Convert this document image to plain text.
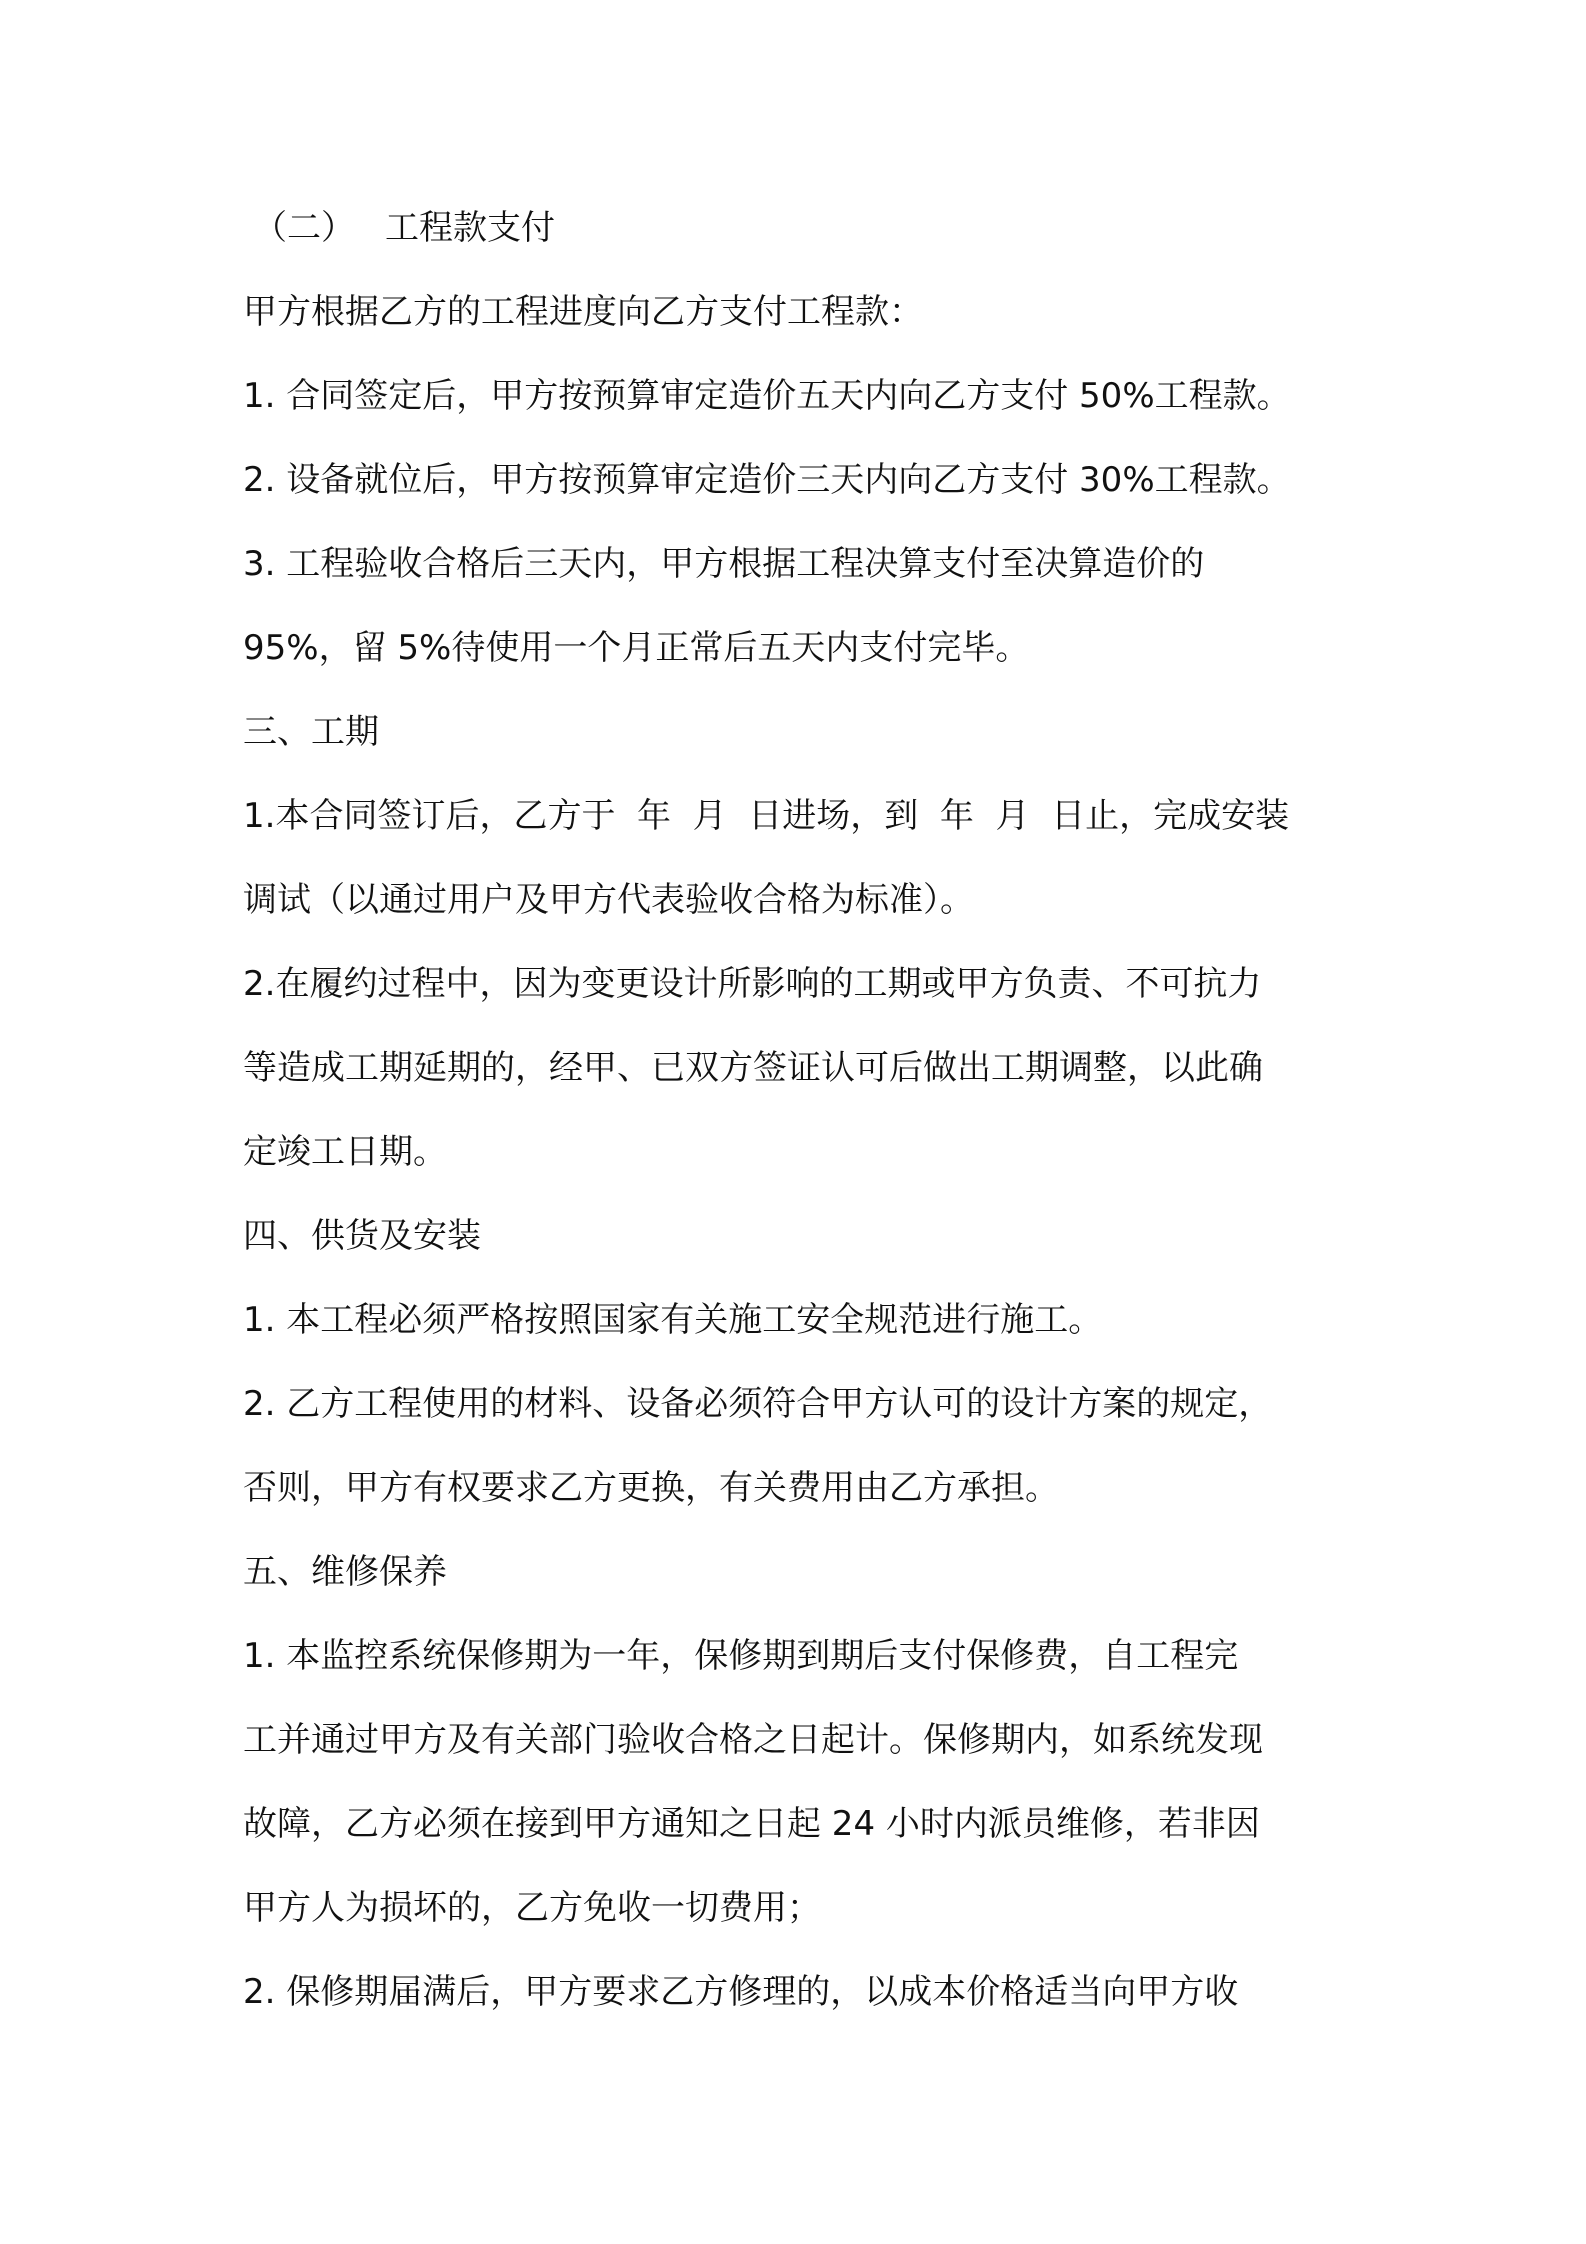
（二） 工程款支付
甲方根据乙方的工程进度向乙方支付工程款：
1. 合同签定后，甲方按预算审定造价五天内向乙方支付 50%工程款。
2. 设备就位后，甲方按预算审定造价三天内向乙方支付 30%工程款。
3. 工程验收合格后三天内，甲方根据工程决算支付至决算造价的
95%，留 5%待使用一个月正常后五天内支付完毕。
三、工期
1.本合同签订后，乙方于  年  月  日进场，到  年  月  日止，完成安装
调试（以通过用户及甲方代表验收合格为标准）。
2.在履约过程中，因为变更设计所影响的工期或甲方负责、不可抗力
等造成工期延期的，经甲、已双方签证认可后做出工期调整，以此确
定竣工日期。
四、供货及安装
1. 本工程必须严格按照国家有关施工安全规范进行施工。
2. 乙方工程使用的材料、设备必须符合甲方认可的设计方案的规定，
否则，甲方有权要求乙方更换，有关费用由乙方承担。
五、维修保养
1. 本监控系统保修期为一年，保修期到期后支付保修费，自工程完
工并通过甲方及有关部门验收合格之日起计。保修期内，如系统发现
故障，乙方必须在接到甲方通知之日起 24 小时内派员维修，若非因
甲方人为损坏的，乙方免收一切费用；
2. 保修期届满后，甲方要求乙方修理的，以成本价格适当向甲方收
